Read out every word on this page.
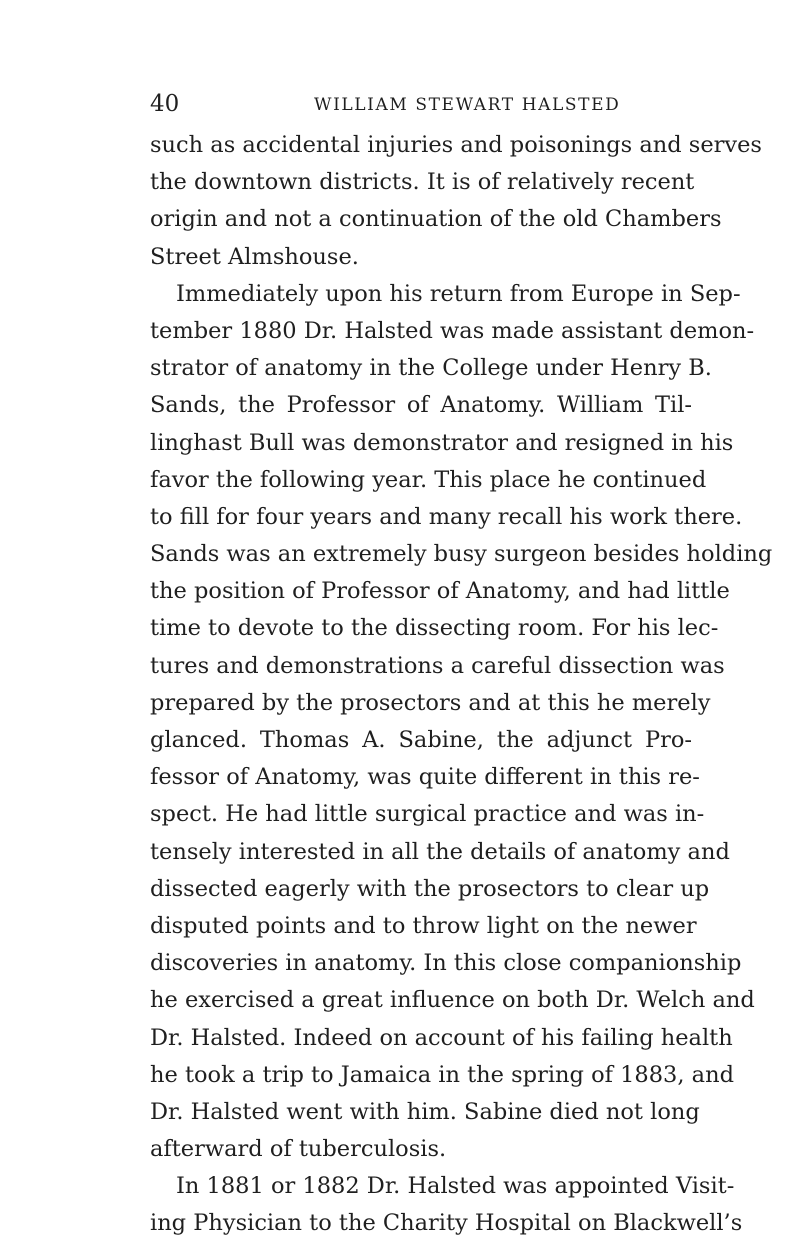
40	WILLIAM STEWART HALSTED
such as accidental injuries and poisonings and serves
the downtown districts. It is of relatively recent
origin and not a continuation of the old Chambers
Street Almshouse.
Immediately upon his return from Europe in Sep-
tember 1880 Dr. Halsted was made assistant demon-
strator of anatomy in the College under Henry B.
Sands, the Professor of Anatomy. William Til-
linghast Bull was demonstrator and resigned in his
favor the following year. This place he continued
to fill for four years and many recall his work there.
Sands was an extremely busy surgeon besides holding
the position of Professor of Anatomy, and had little
time to devote to the dissecting room. For his lec-
tures and demonstrations a careful dissection was
prepared by the prosectors and at this he merely
glanced. Thomas A. Sabine, the adjunct Pro-
fessor of Anatomy, was quite different in this re-
spect. He had little surgical practice and was in-
tensely interested in all the details of anatomy and
dissected eagerly with the prosectors to clear up
disputed points and to throw light on the newer
discoveries in anatomy. In this close companionship
he exercised a great influence on both Dr. Welch and
Dr. Halsted. Indeed on account of his failing health
he took a trip to Jamaica in the spring of 1883, and
Dr. Halsted went with him. Sabine died not long
afterward of tuberculosis.
In 1881 or 1882 Dr. Halsted was appointed Visit-
ing Physician to the Charity Hospital on Blackwell’s
